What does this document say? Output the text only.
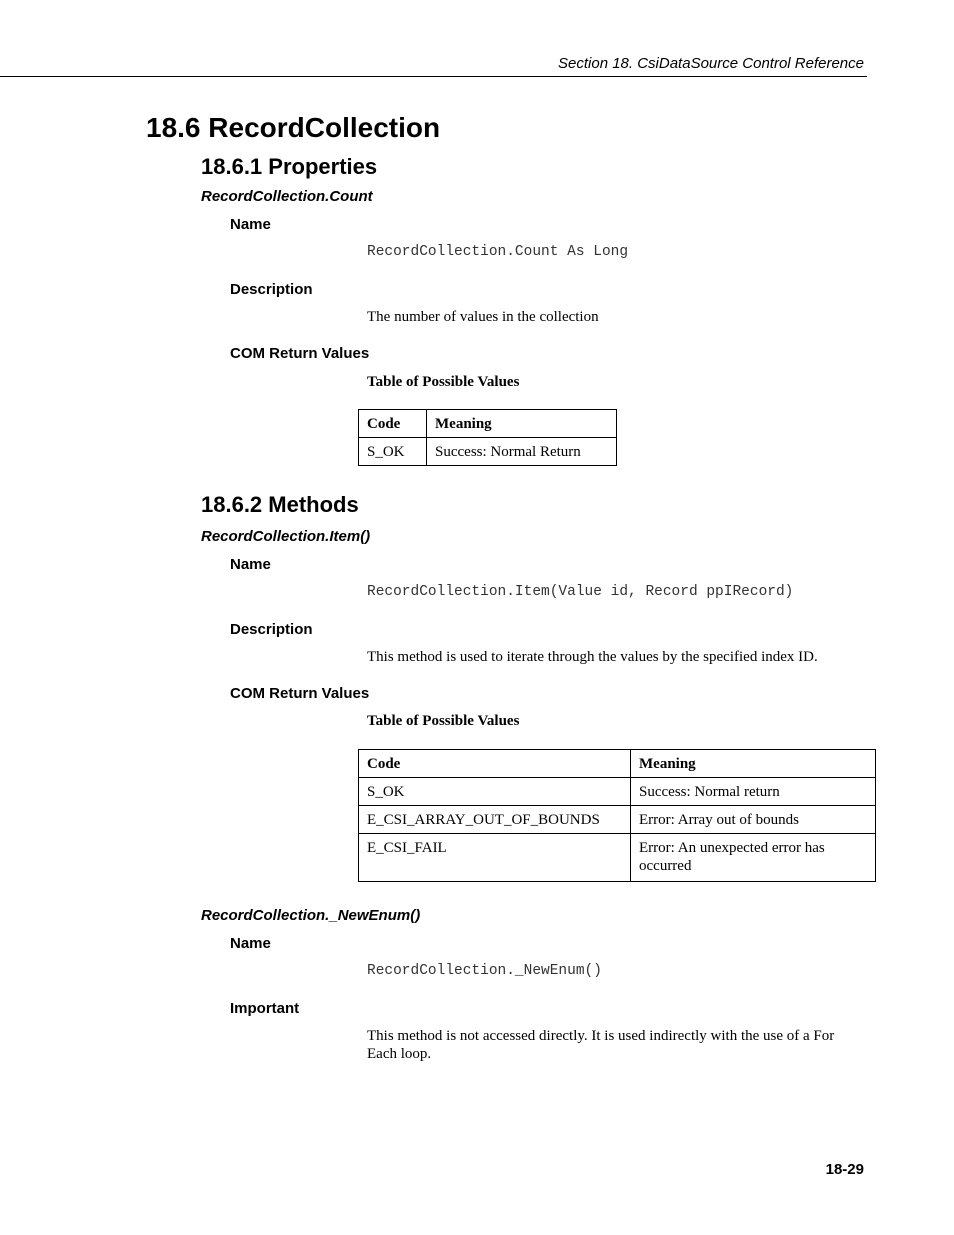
Section 18. CsiDataSource Control Reference
18.6 RecordCollection
18.6.1 Properties
RecordCollection.Count
Name
RecordCollection.Count As Long
Description
The number of values in the collection
COM Return Values
Table of Possible Values
Code	Meaning
S_OK	Success: Normal Return
18.6.2 Methods
RecordCollection.Item()
Name
RecordCollection.Item(Value id, Record ppIRecord)
Description
This method is used to iterate through the values by the specified index ID.
COM Return Values
Table of Possible Values
Code	Meaning
S_OK	Success: Normal return
E_CSI_ARRAY_OUT_OF_BOUNDS	Error: Array out of bounds
E_CSI_FAIL	Error: An unexpected error has occurred
RecordCollection._NewEnum()
Name
RecordCollection._NewEnum()
Important
This method is not accessed directly. It is used indirectly with the use of a For Each loop.
18-29
